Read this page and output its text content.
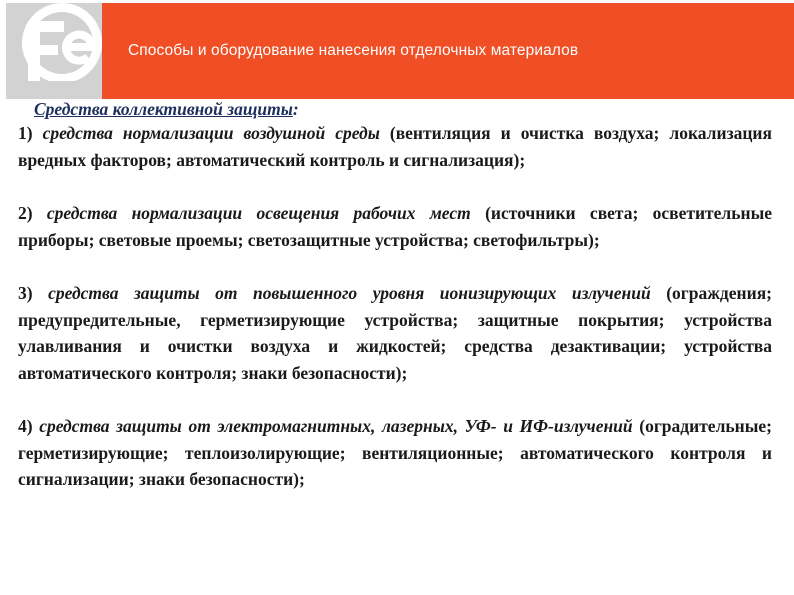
Способы и оборудование нанесения отделочных материалов
Средства коллективной защиты:

1) средства нормализации воздушной среды (вентиляция и очистка воздуха; локализация вредных факторов; автоматический контроль и сигнализация);

2) средства нормализации освещения рабочих мест (источники света; осветительные приборы; световые проемы; светозащитные устройства; светофильтры);

3) средства защиты от повышенного уровня ионизирующих излучений (ограждения; предупредительные, герметизирующие устройства; защитные покрытия; устройства улавливания и очистки воздуха и жидкостей; средства дезактивации; устройства автоматического контроля; знаки безопасности);

4) средства защиты от электромагнитных, лазерных, УФ- и ИФ-излучений (оградительные; герметизирующие; теплоизолирующие; вентиляционные; автоматического контроля и сигнализации; знаки безопасности);
